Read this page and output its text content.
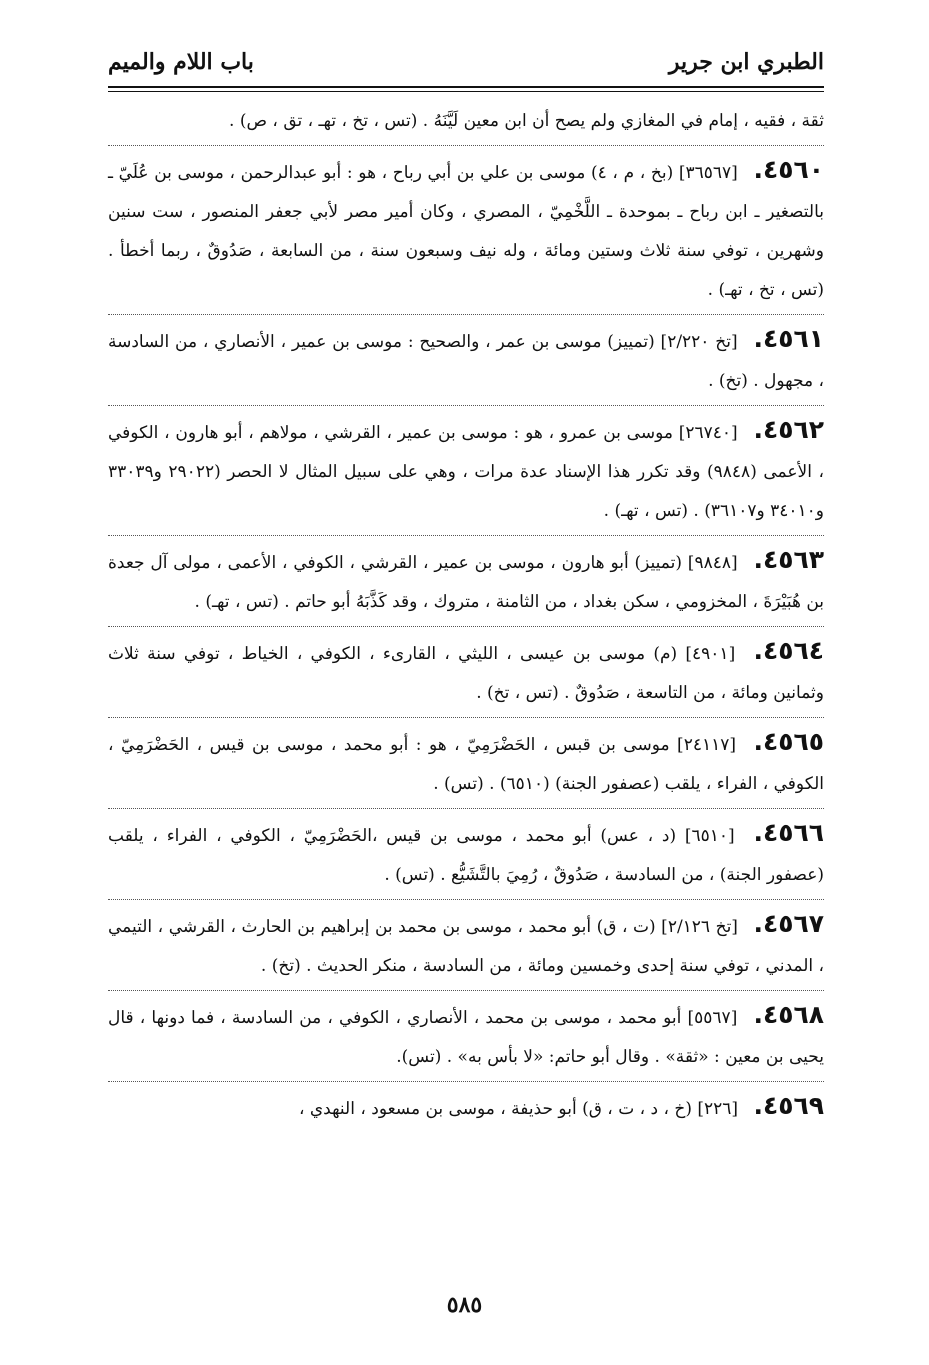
الطبري ابن جرير
باب اللام والميم
ثقة ، فقيه ، إمام في المغازي ولم يصح أن ابن معين لَيَّنَهُ . (تس ، تخ ، تهـ ، تق ، ص) .
٤٥٦٠. [٣٦٥٦٧] (بخ ، م ، ٤) موسى بن علي بن أبي رباح ، هو : أبو عبدالرحمن ، موسى بن عُلَيّ ـ بالتصغير ـ ابن رباح ـ بموحدة ـ اللَّخْمِيّ ، المصري ، وكان أمير مصر لأبي جعفر المنصور ، ست سنين وشهرين ، توفي سنة ثلاث وستين ومائة ، وله نيف وسبعون سنة ، من السابعة ، صَدُوقٌ ، ربما أخطأ . (تس ، تخ ، تهـ) .
٤٥٦١. [تخ ٢/٢٢٠] (تمييز) موسى بن عمر ، والصحيح : موسى بن عمير ، الأنصاري ، من السادسة ، مجهول . (تخ) .
٤٥٦٢. [٢٦٧٤٠] موسى بن عمرو ، هو : موسى بن عمير ، القرشي ، مولاهم ، أبو هارون ، الكوفي ، الأعمى (٩٨٤٨) وقد تكرر هذا الإسناد عدة مرات ، وهي على سبيل المثال لا الحصر (٢٩٠٢٢ و٣٣٠٣٩ و٣٤٠١٠ و٣٦١٠٧) . (تس ، تهـ) .
٤٥٦٣. [٩٨٤٨] (تمييز) أبو هارون ، موسى بن عمير ، القرشي ، الكوفي ، الأعمى ، مولى آل جعدة بن هُبَيْرَةَ ، المخزومي ، سكن بغداد ، من الثامنة ، متروك ، وقد كَذَّبَهُ أبو حاتم . (تس ، تهـ) .
٤٥٦٤. [٤٩٠١] (م) موسى بن عيسى ، الليثي ، القارىء ، الكوفي ، الخياط ، توفي سنة ثلاث وثمانين ومائة ، من التاسعة ، صَدُوقٌ . (تس ، تخ) .
٤٥٦٥. [٢٤١١٧] موسى بن قبس ، الحَضْرَمِيّ ، هو : أبو محمد ، موسى بن قيس ، الحَضْرَمِيّ ، الكوفي ، الفراء ، يلقب (عصفور الجنة) (٦٥١٠) . (تس) .
٤٥٦٦. [٦٥١٠] (د ، عس) أبو محمد ، موسى بن قيس ،الحَضْرَمِيّ ، الكوفي ، الفراء ، يلقب (عصفور الجنة) ، من السادسة ، صَدُوقٌ ، رُمِيَ بالتَّشَيُّع . (تس) .
٤٥٦٧. [تخ ٢/١٢٦] (ت ، ق) أبو محمد ، موسى بن محمد بن إبراهيم بن الحارث ، القرشي ، التيمي ، المدني ، توفي سنة إحدى وخمسين ومائة ، من السادسة ، منكر الحديث . (تخ) .
٤٥٦٨. [٥٥٦٧] أبو محمد ، موسى بن محمد ، الأنصاري ، الكوفي ، من السادسة ، فما دونها ، قال يحيى بن معين : «ثقة» . وقال أبو حاتم: «لا بأس به» . (تس).
٤٥٦٩. [٢٢٦] (خ ، د ، ت ، ق) أبو حذيفة ، موسى بن مسعود ، النهدي ،
٥٨٥
